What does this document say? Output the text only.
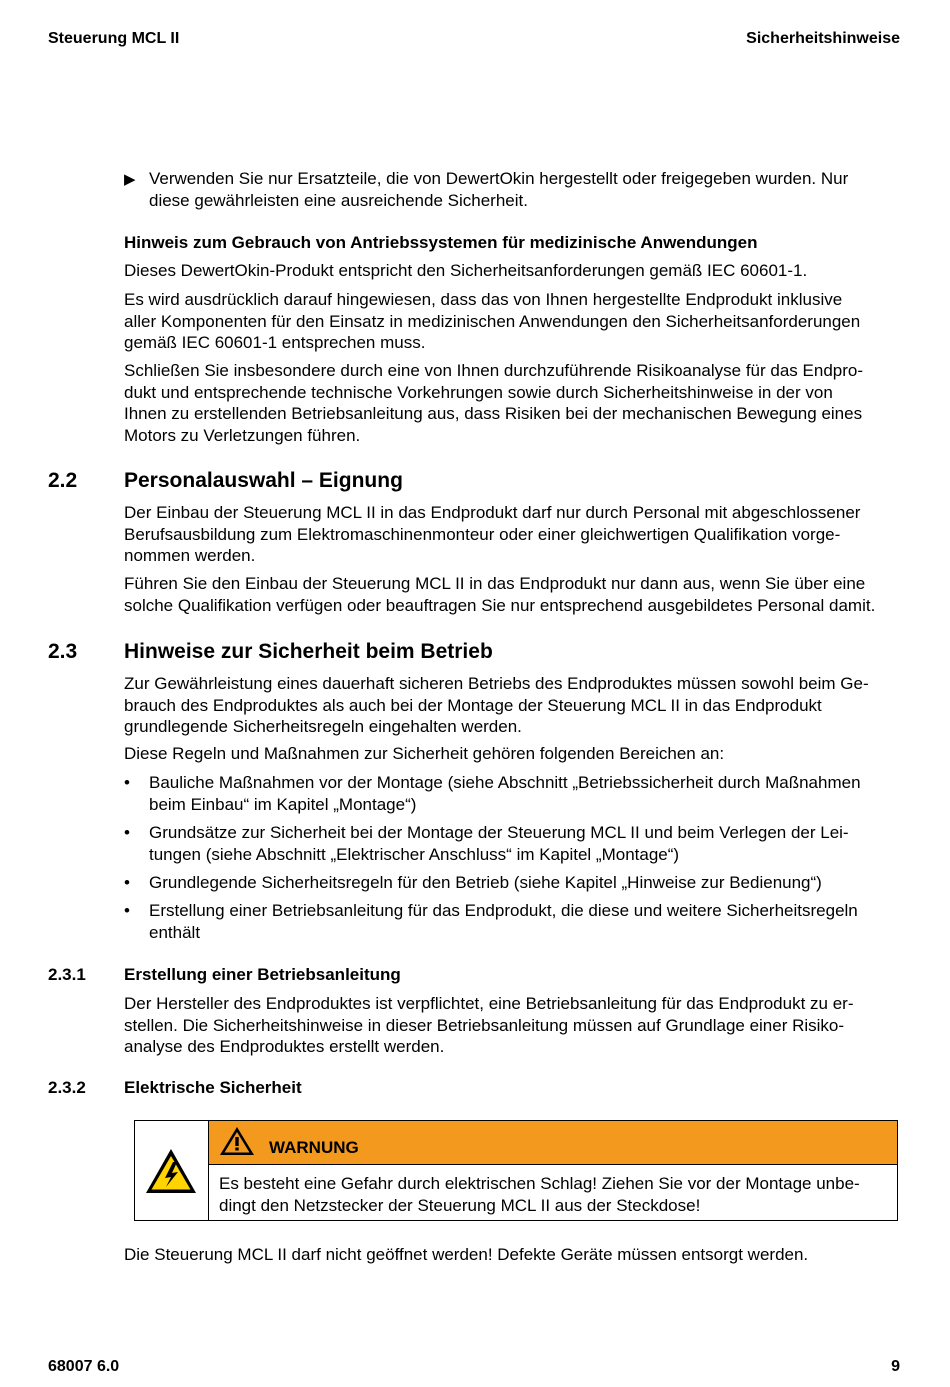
Steuerung MCL II	Sicherheitshinweise
▶ Verwenden Sie nur Ersatzteile, die von DewertOkin hergestellt oder freigegeben wurden. Nur
diese gewährleisten eine ausreichende Sicherheit.
Hinweis zum Gebrauch von Antriebssystemen für medizinische Anwendungen
Dieses DewertOkin-Produkt entspricht den Sicherheitsanforderungen gemäß IEC 60601-1.
Es wird ausdrücklich darauf hingewiesen, dass das von Ihnen hergestellte Endprodukt inklusive
aller Komponenten für den Einsatz in medizinischen Anwendungen den Sicherheitsanforderungen
gemäß IEC 60601-1 entsprechen muss.
Schließen Sie insbesondere durch eine von Ihnen durchzuführende Risikoanalyse für das Endpro-
dukt und entsprechende technische Vorkehrungen sowie durch Sicherheitshinweise in der von
Ihnen zu erstellenden Betriebsanleitung aus, dass Risiken bei der mechanischen Bewegung eines
Motors zu Verletzungen führen.
2.2 Personalauswahl – Eignung
Der Einbau der Steuerung MCL II in das Endprodukt darf nur durch Personal mit abgeschlossener
Berufsausbildung zum Elektromaschinenmonteur oder einer gleichwertigen Qualifikation vorge-
nommen werden.
Führen Sie den Einbau der Steuerung MCL II in das Endprodukt nur dann aus, wenn Sie über eine
solche Qualifikation verfügen oder beauftragen Sie nur entsprechend ausgebildetes Personal damit.
2.3 Hinweise zur Sicherheit beim Betrieb
Zur Gewährleistung eines dauerhaft sicheren Betriebs des Endproduktes müssen sowohl beim Ge-
brauch des Endproduktes als auch bei der Montage der Steuerung MCL II in das Endprodukt
grundlegende Sicherheitsregeln eingehalten werden.
Diese Regeln und Maßnahmen zur Sicherheit gehören folgenden Bereichen an:
• Bauliche Maßnahmen vor der Montage (siehe Abschnitt „Betriebssicherheit durch Maßnahmen
beim Einbau“ im Kapitel „Montage“)
• Grundsätze zur Sicherheit bei der Montage der Steuerung MCL II und beim Verlegen der Lei-
tungen (siehe Abschnitt „Elektrischer Anschluss“ im Kapitel „Montage“)
• Grundlegende Sicherheitsregeln für den Betrieb (siehe Kapitel „Hinweise zur Bedienung“)
• Erstellung einer Betriebsanleitung für das Endprodukt, die diese und weitere Sicherheitsregeln
enthält
2.3.1 Erstellung einer Betriebsanleitung
Der Hersteller des Endproduktes ist verpflichtet, eine Betriebsanleitung für das Endprodukt zu er-
stellen. Die Sicherheitshinweise in dieser Betriebsanleitung müssen auf Grundlage einer Risiko-
analyse des Endproduktes erstellt werden.
2.3.2 Elektrische Sicherheit
WARNUNG
Es besteht eine Gefahr durch elektrischen Schlag! Ziehen Sie vor der Montage unbe-
dingt den Netzstecker der Steuerung MCL II aus der Steckdose!
Die Steuerung MCL II darf nicht geöffnet werden! Defekte Geräte müssen entsorgt werden.
68007 6.0	9
